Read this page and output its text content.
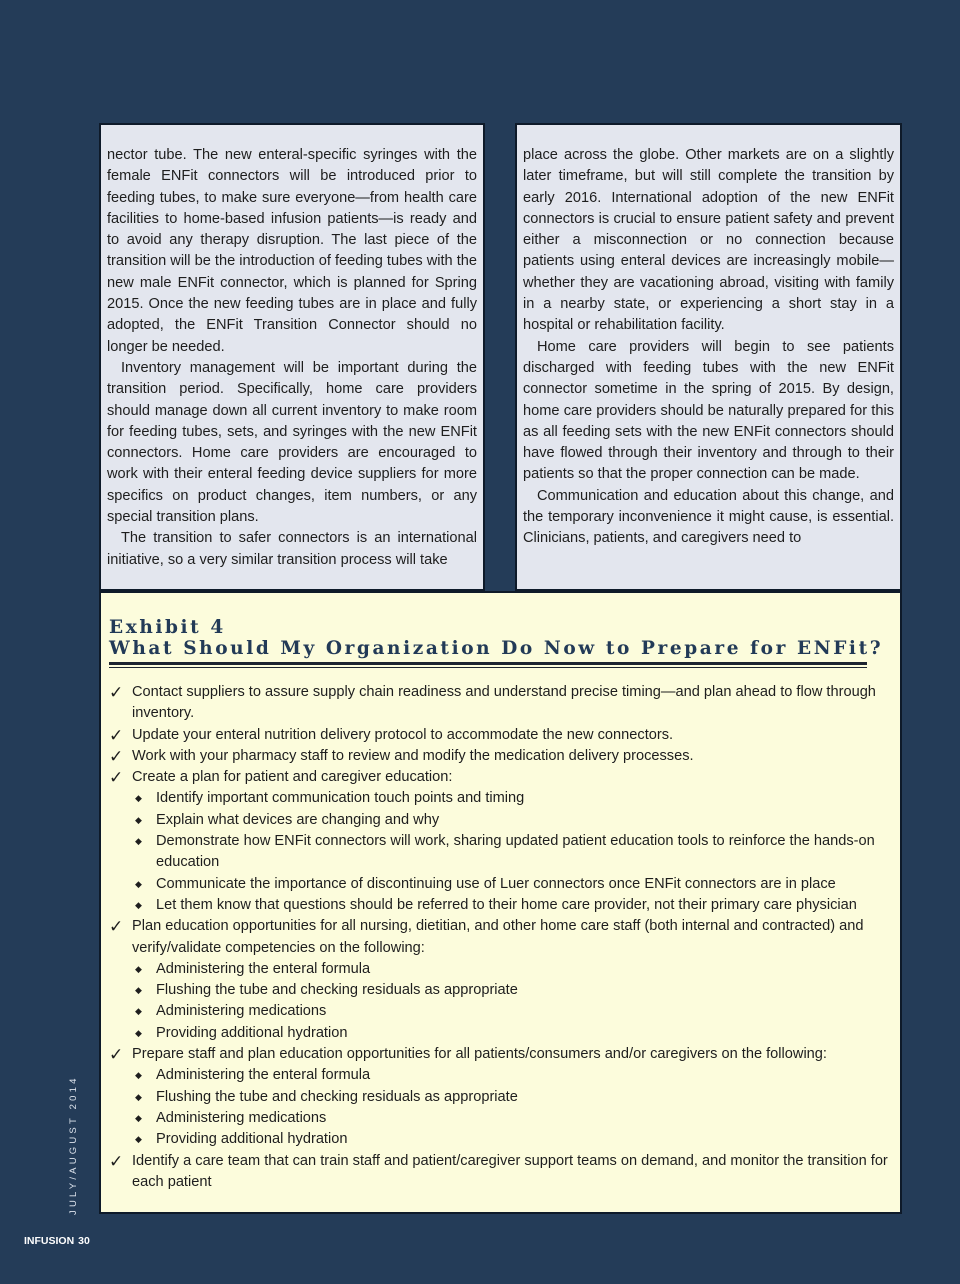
nector tube. The new enteral-specific syringes with the female ENFit connectors will be introduced prior to feeding tubes, to make sure everyone—from health care facilities to home-based infusion patients—is ready and to avoid any therapy disruption. The last piece of the transition will be the introduction of feeding tubes with the new male ENFit connector, which is planned for Spring 2015. Once the new feeding tubes are in place and fully adopted, the ENFit Transition Connector should no longer be needed.

Inventory management will be important during the transition period. Specifically, home care providers should manage down all current inventory to make room for feeding tubes, sets, and syringes with the new ENFit connectors. Home care providers are encouraged to work with their enteral feeding device suppliers for more specifics on product changes, item numbers, or any special transition plans.

The transition to safer connectors is an international initiative, so a very similar transition process will take

place across the globe. Other markets are on a slightly later timeframe, but will still complete the transition by early 2016. International adoption of the new ENFit connectors is crucial to ensure patient safety and prevent either a misconnection or no connection because patients using enteral devices are increasingly mobile—whether they are vacationing abroad, visiting with family in a nearby state, or experiencing a short stay in a hospital or rehabilitation facility.

Home care providers will begin to see patients discharged with feeding tubes with the new ENFit connector sometime in the spring of 2015. By design, home care providers should be naturally prepared for this as all feeding sets with the new ENFit connectors should have flowed through their inventory and through to their patients so that the proper connection can be made.

Communication and education about this change, and the temporary inconvenience it might cause, is essential. Clinicians, patients, and caregivers need to

Exhibit 4
What Should My Organization Do Now to Prepare for ENFit?
✓ Contact suppliers to assure supply chain readiness and understand precise timing—and plan ahead to flow through inventory.
✓ Update your enteral nutrition delivery protocol to accommodate the new connectors.
✓ Work with your pharmacy staff to review and modify the medication delivery processes.
✓ Create a plan for patient and caregiver education:
◆ Identify important communication touch points and timing
◆ Explain what devices are changing and why
◆ Demonstrate how ENFit connectors will work, sharing updated patient education tools to reinforce the hands-on education
◆ Communicate the importance of discontinuing use of Luer connectors once ENFit connectors are in place
◆ Let them know that questions should be referred to their home care provider, not their primary care physician
✓ Plan education opportunities for all nursing, dietitian, and other home care staff (both internal and contracted) and verify/validate competencies on the following:
◆ Administering the enteral formula
◆ Flushing the tube and checking residuals as appropriate
◆ Administering medications
◆ Providing additional hydration
✓ Prepare staff and plan education opportunities for all patients/consumers and/or caregivers on the following:
◆ Administering the enteral formula
◆ Flushing the tube and checking residuals as appropriate
◆ Administering medications
◆ Providing additional hydration
✓ Identify a care team that can train staff and patient/caregiver support teams on demand, and monitor the transition for each patient
JULY/AUGUST 2014
INFUSION 30
